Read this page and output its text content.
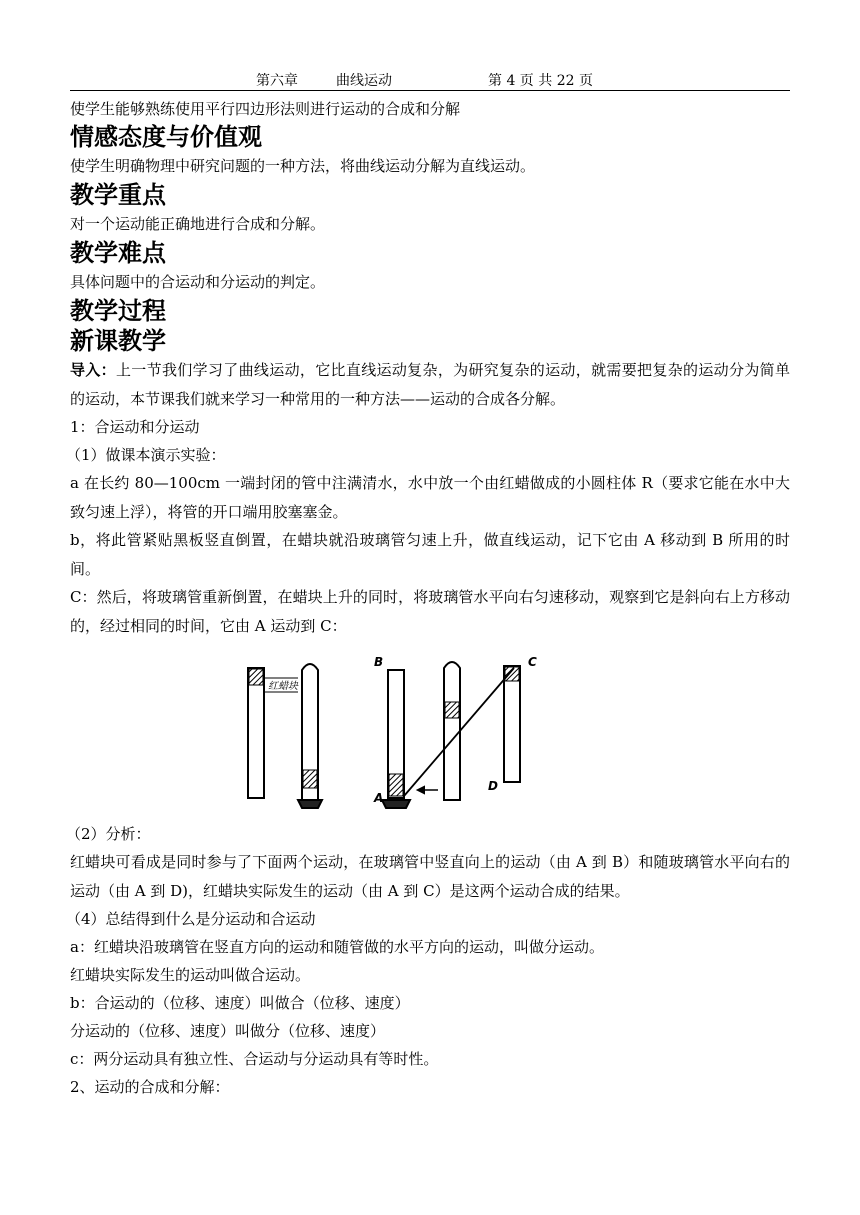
第六章	曲线运动	第 4 页 共 22 页

使学生能够熟练使用平行四边形法则进行运动的合成和分解

情感态度与价值观

使学生明确物理中研究问题的一种方法，将曲线运动分解为直线运动。

教学重点

对一个运动能正确地进行合成和分解。

教学难点

具体问题中的合运动和分运动的判定。

教学过程

新课教学

导入：上一节我们学习了曲线运动，它比直线运动复杂，为研究复杂的运动，就需要把复杂的运动分为简单的运动，本节课我们就来学习一种常用的一种方法——运动的合成各分解。

1：合运动和分运动

（1）做课本演示实验：

a 在长约 80—100cm 一端封闭的管中注满清水，水中放一个由红蜡做成的小圆柱体 R（要求它能在水中大致匀速上浮），将管的开口端用胶塞塞金。

b，将此管紧贴黑板竖直倒置，在蜡块就沿玻璃管匀速上升，做直线运动，记下它由 A 移动到 B 所用的时间。

C：然后，将玻璃管重新倒置，在蜡块上升的同时，将玻璃管水平向右匀速移动，观察到它是斜向右上方移动的，经过相同的时间，它由 A 运动到 C：

红蜡块
B
A
C
D

（2）分析：

红蜡块可看成是同时参与了下面两个运动，在玻璃管中竖直向上的运动（由 A 到 B）和随玻璃管水平向右的运动（由 A 到 D)，红蜡块实际发生的运动（由 A 到 C）是这两个运动合成的结果。

（4）总结得到什么是分运动和合运动

a：红蜡块沿玻璃管在竖直方向的运动和随管做的水平方向的运动，叫做分运动。

红蜡块实际发生的运动叫做合运动。

b：合运动的（位移、速度）叫做合（位移、速度）

分运动的（位移、速度）叫做分（位移、速度）

c：两分运动具有独立性、合运动与分运动具有等时性。

2、运动的合成和分解：
